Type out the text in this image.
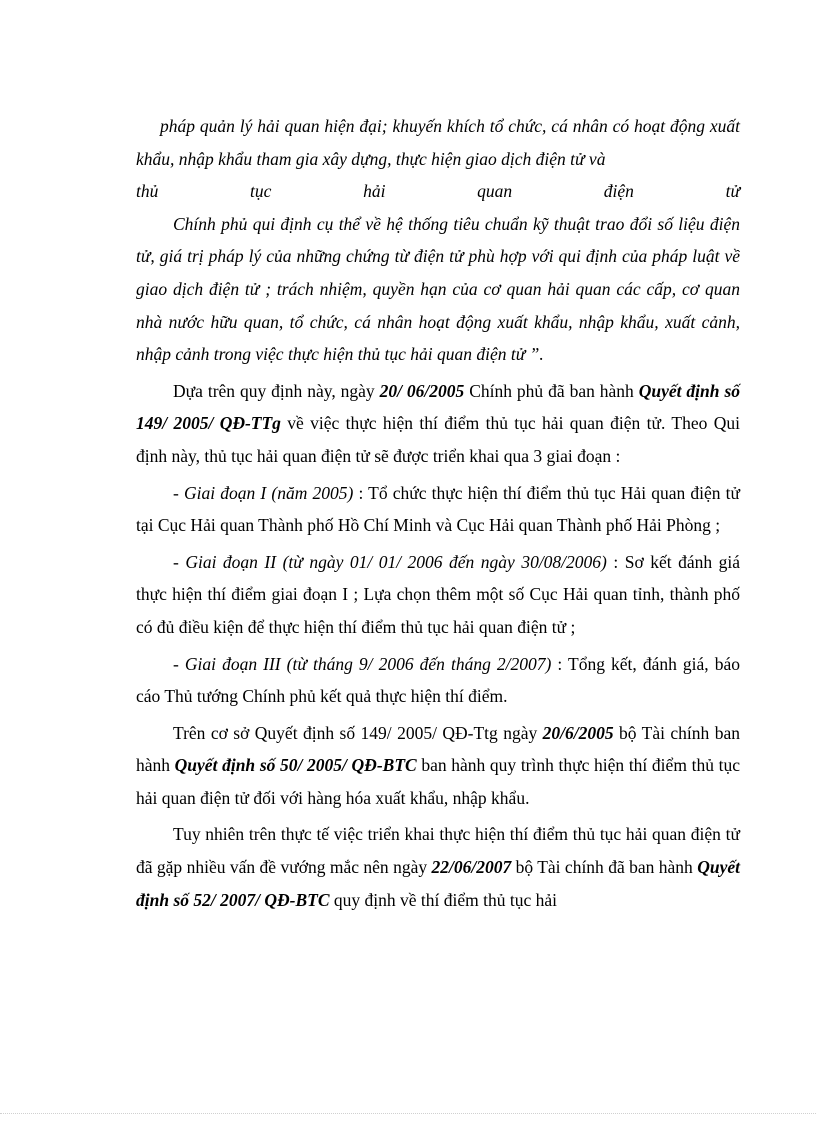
pháp quản lý hải quan hiện đại; khuyến khích tổ chức, cá nhân có hoạt động xuất khẩu, nhập khẩu tham gia xây dựng, thực hiện giao dịch điện tử và

thủ tục hải quan điện tử

Chính phủ qui định cụ thể về hệ thống tiêu chuẩn kỹ thuật trao đổi số liệu điện tử, giá trị pháp lý của những chứng từ điện tử phù hợp với qui định của pháp luật về giao dịch điện tử ; trách nhiệm, quyền hạn của cơ quan hải quan các cấp, cơ quan nhà nước hữu quan, tổ chức, cá nhân hoạt động xuất khẩu, nhập khẩu, xuất cảnh, nhập cảnh trong việc thực hiện thủ tục hải quan điện tử ”.

Dựa trên quy định này, ngày 20/ 06/2005 Chính phủ đã ban hành Quyết định số 149/ 2005/ QĐ-TTg về việc thực hiện thí điểm thủ tục hải quan điện tử. Theo Qui định này, thủ tục hải quan điện tử sẽ được triển khai qua 3 giai đoạn :

- Giai đoạn I (năm 2005) : Tổ chức thực hiện thí điểm thủ tục Hải quan điện tử tại Cục Hải quan Thành phố Hồ Chí Minh và Cục Hải quan Thành phố Hải Phòng ;

- Giai đoạn II (từ ngày 01/ 01/ 2006 đến ngày 30/08/2006) : Sơ kết đánh giá thực hiện thí điểm giai đoạn I ; Lựa chọn thêm một số Cục Hải quan tỉnh, thành phố có đủ điều kiện để thực hiện thí điểm thủ tục hải quan điện tử ;

- Giai đoạn III (từ tháng 9/ 2006 đến tháng 2/2007) : Tổng kết, đánh giá, báo cáo Thủ tướng Chính phủ kết quả thực hiện thí điểm.

Trên cơ sở Quyết định số 149/ 2005/ QĐ-Ttg ngày 20/6/2005 bộ Tài chính ban hành Quyết định số 50/ 2005/ QĐ-BTC ban hành quy trình thực hiện thí điểm thủ tục hải quan điện tử đối với hàng hóa xuất khẩu, nhập khẩu.

Tuy nhiên trên thực tế việc triển khai thực hiện thí điểm thủ tục hải quan điện tử đã gặp nhiều vấn đề vướng mắc nên ngày 22/06/2007 bộ Tài chính đã ban hành Quyết định số 52/ 2007/ QĐ-BTC quy định về thí điểm thủ tục hải
